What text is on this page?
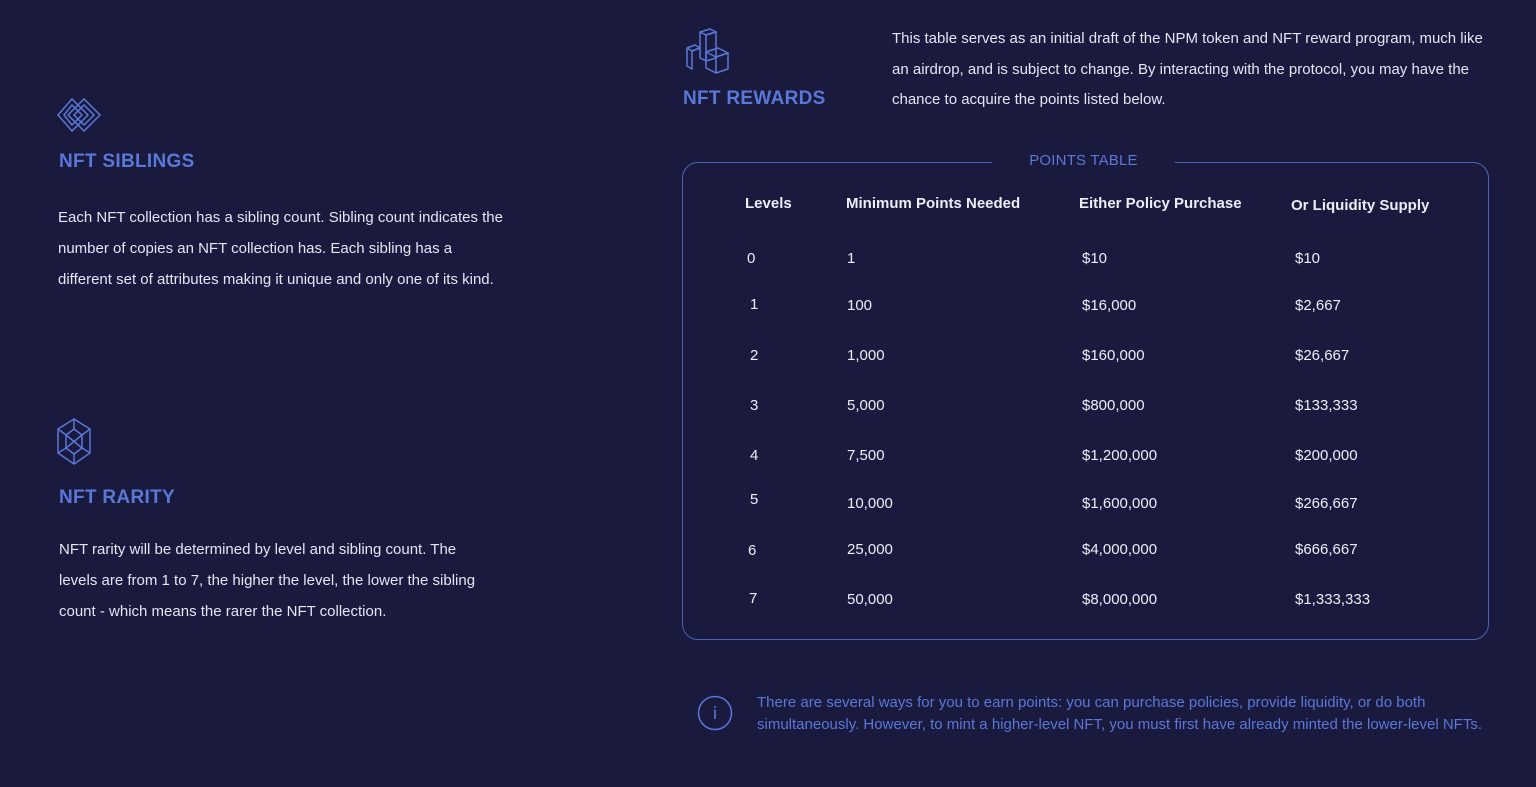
NFT SIBLINGS

Each NFT collection has a sibling count. Sibling count indicates the number of copies an NFT collection has. Each sibling has a different set of attributes making it unique and only one of its kind.

NFT RARITY

NFT rarity will be determined by level and sibling count. The levels are from 1 to 7, the higher the level, the lower the sibling count - which means the rarer the NFT collection.

NFT REWARDS

This table serves as an initial draft of the NPM token and NFT reward program, much like an airdrop, and is subject to change. By interacting with the protocol, you may have the chance to acquire the points listed below.

POINTS TABLE
Levels	Minimum Points Needed	Either Policy Purchase	Or Liquidity Supply
0	1	$10	$10
1	100	$16,000	$2,667
2	1,000	$160,000	$26,667
3	5,000	$800,000	$133,333
4	7,500	$1,200,000	$200,000
5	10,000	$1,600,000	$266,667
6	25,000	$4,000,000	$666,667
7	50,000	$8,000,000	$1,333,333
i

There are several ways for you to earn points: you can purchase policies, provide liquidity, or do both simultaneously. However, to mint a higher-level NFT, you must first have already minted the lower-level NFTs.
